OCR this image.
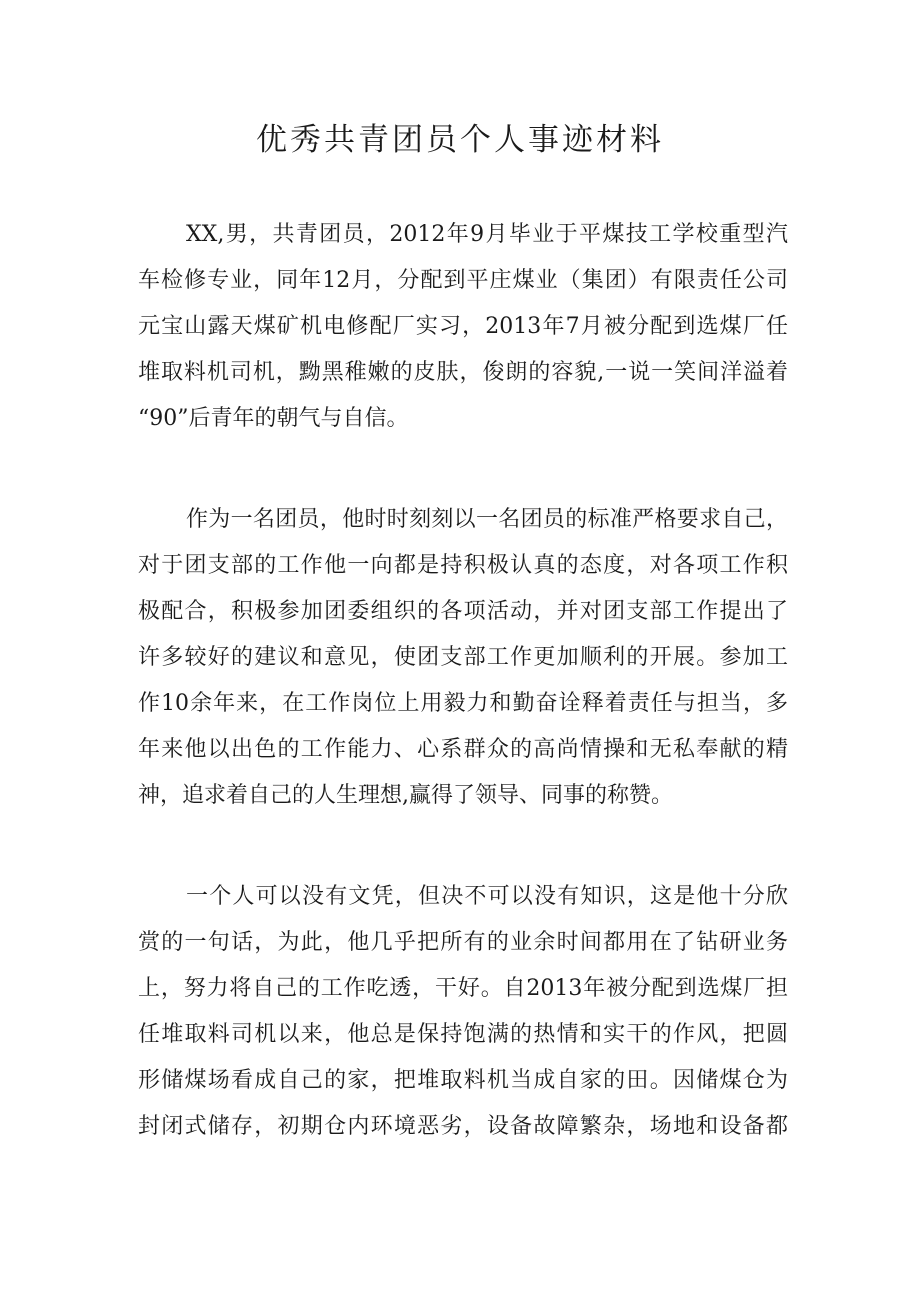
优秀共青团员个人事迹材料
XX,男，共青团员，2012年9月毕业于平煤技工学校重型汽
车检修专业，同年12月，分配到平庄煤业（集团）有限责任公司
元宝山露天煤矿机电修配厂实习，2013年7月被分配到选煤厂任
堆取料机司机，黝黑稚嫩的皮肤，俊朗的容貌,一说一笑间洋溢着
“90”后青年的朝气与自信。
作为一名团员，他时时刻刻以一名团员的标准严格要求自己，
对于团支部的工作他一向都是持积极认真的态度，对各项工作积
极配合，积极参加团委组织的各项活动，并对团支部工作提出了
许多较好的建议和意见，使团支部工作更加顺利的开展。参加工
作10余年来，在工作岗位上用毅力和勤奋诠释着责任与担当，多
年来他以出色的工作能力、心系群众的高尚情操和无私奉献的精
神，追求着自己的人生理想,赢得了领导、同事的称赞。
一个人可以没有文凭，但决不可以没有知识，这是他十分欣
赏的一句话，为此，他几乎把所有的业余时间都用在了钻研业务
上，努力将自己的工作吃透，干好。自2013年被分配到选煤厂担
任堆取料司机以来，他总是保持饱满的热情和实干的作风，把圆
形储煤场看成自己的家，把堆取料机当成自家的田。因储煤仓为
封闭式储存，初期仓内环境恶劣，设备故障繁杂，场地和设备都
